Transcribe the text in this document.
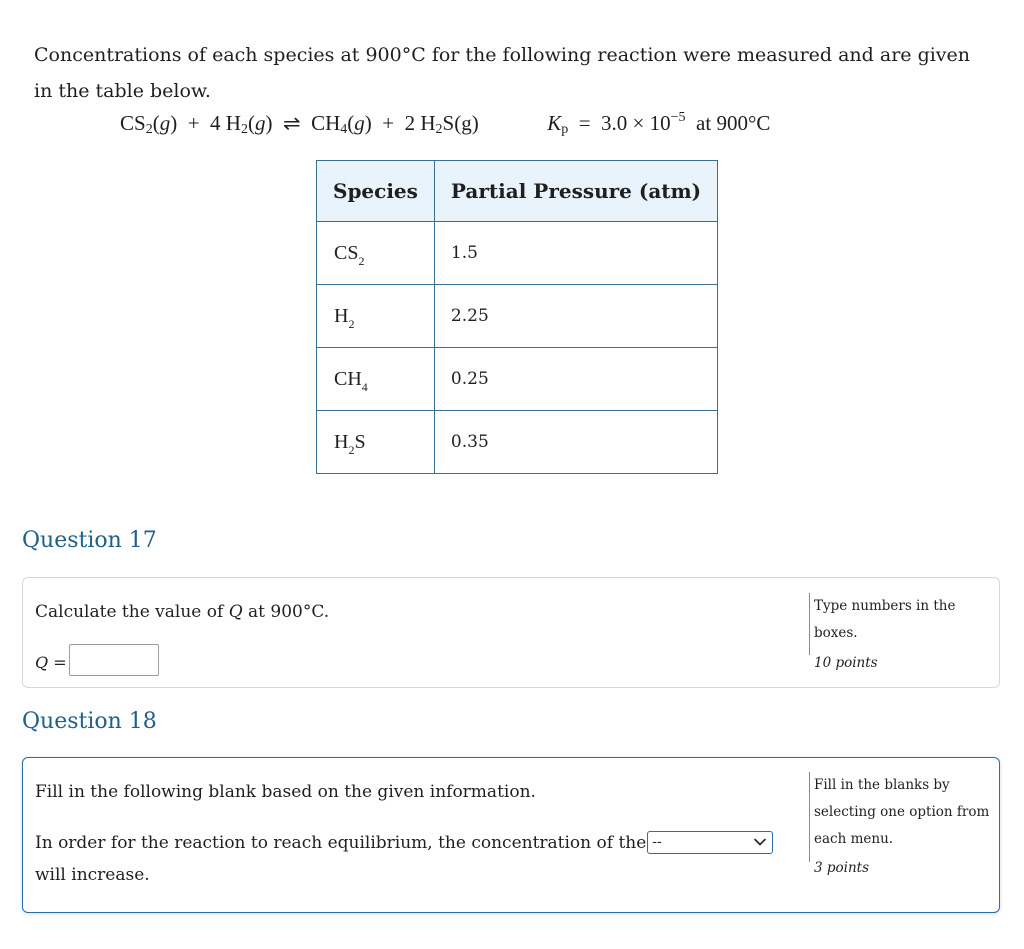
Concentrations of each species at 900°C for the following reaction were measured and are given in the table below.

$CS_2(g) + 4$ $H_2(g)$ ⇌ $CH_4(g) + 2$ $H_2S(g)$	$K_p = 3.0 \times 10^{-5}$ at 900°C
Species	Partial Pressure (atm)
$CS_2$	1.5
$H_2$	2.25
$CH_4$	0.25
$H_2S$	0.35
Question 17
Calculate the value of Q at 900°C.
Q =

Type numbers in the boxes.

10 points

Question 18
Fill in the following blank based on the given information.
In order for the reaction to reach equilibrium, the concentration of the --
will increase.

Fill in the blanks by selecting one option from each menu.

3 points
